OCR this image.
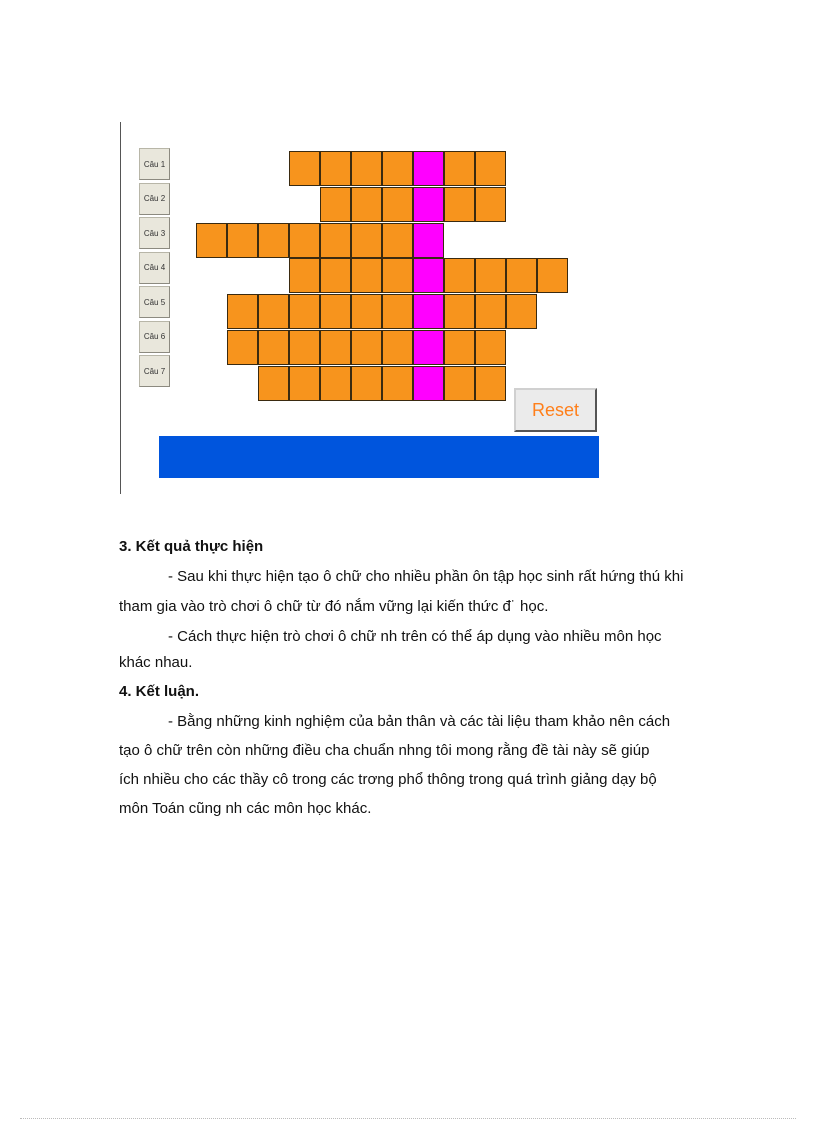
Câu 1
Câu 2
Câu 3
Câu 4
Câu 5
Câu 6
Câu 7
Reset
3. Kết quả thực hiện
- Sau khi thực hiện tạo ô chữ cho nhiều phần ôn tập học sinh rất hứng thú khi
tham gia vào trò chơi ô chữ từ đó nắm vững lại kiến thức đ˙ học.
- Cách thực hiện trò chơi ô chữ nh trên có thể áp dụng vào nhiều môn học
khác nhau.
4. Kết luận.
- Bằng những kinh nghiệm của bản thân và các tài liệu tham khảo nên cách
tạo ô chữ trên còn những điều cha chuẩn nhng tôi mong rằng đề tài này sẽ giúp
ích nhiều cho các thầy cô trong các trơng phổ thông trong quá trình giảng dạy bộ
môn Toán cũng nh các môn học khác.
